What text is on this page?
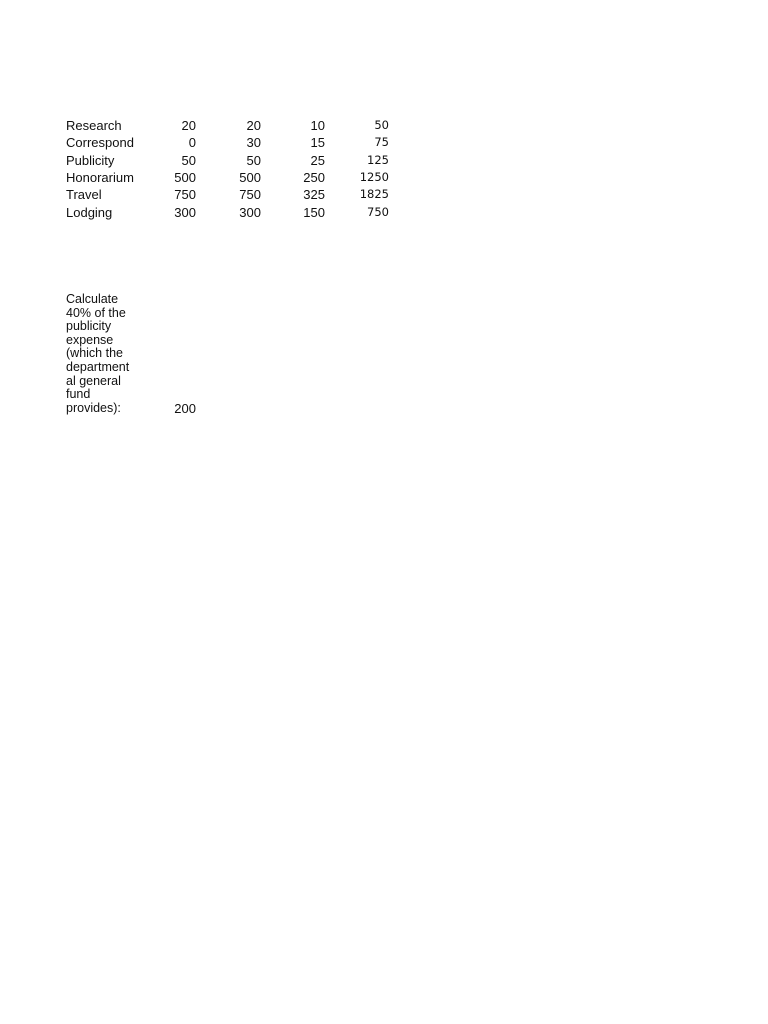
Research	20	20	10	50
Correspond	0	30	15	75
Publicity	50	50	25	125
Honorarium	500	500	250	1250
Travel	750	750	325	1825
Lodging	300	300	150	750
Calculate
40% of the
publicity
expense
(which the
department
al general
fund
provides):	200
